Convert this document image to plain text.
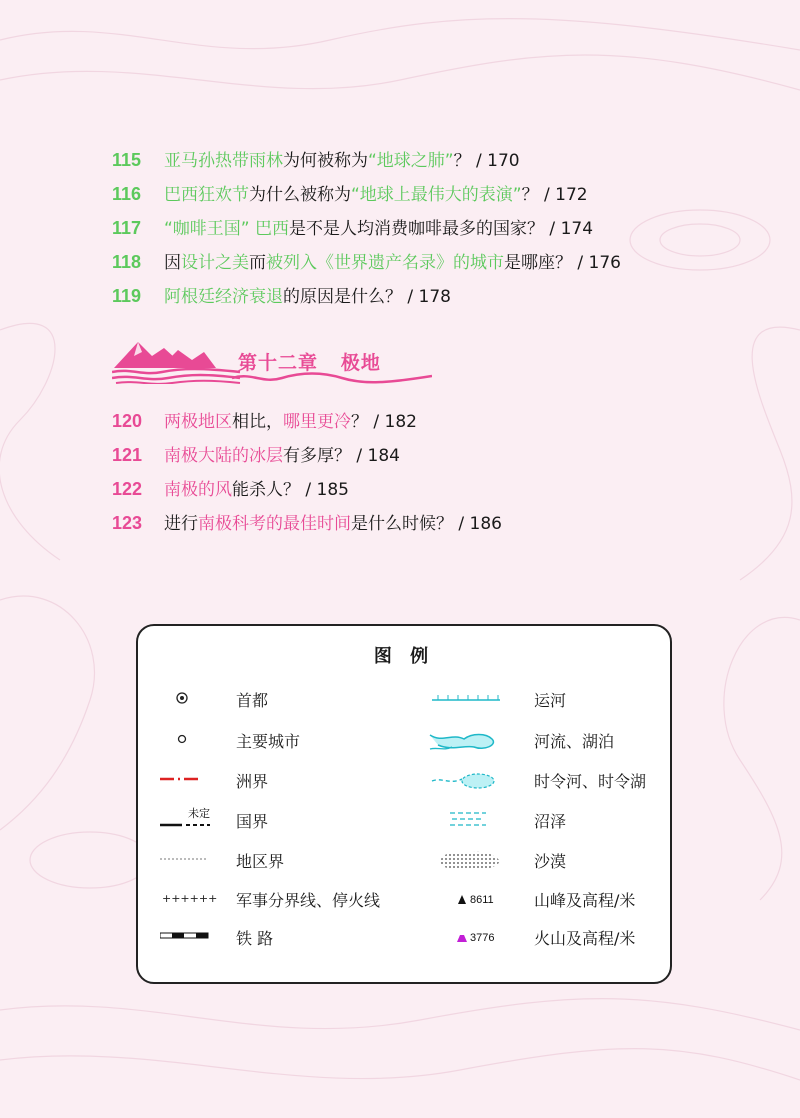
115 亚马孙热带雨林为何被称为“地球之肺”？ / 170
116 巴西狂欢节为什么被称为“地球上最伟大的表演”？ / 172
117 “咖啡王国” 巴西是不是人均消费咖啡最多的国家？ / 174
118 因设计之美而被列入《世界遗产名录》的城市是哪座？ / 176
119 阿根廷经济衰退的原因是什么？ / 178
第十二章   极地
120 两极地区相比，哪里更冷？ / 182
121 南极大陆的冰层有多厚？ / 184
122 南极的风能杀人？ / 185
123 进行南极科考的最佳时间是什么时候？ / 186
图 例
首都
主要城市
洲界
未定 国界
地区界
++++++ 军事分界线、停火线
铁 路
运河
河流、湖泊
时令河、时令湖
沼泽
沙漠
8611	山峰及高程/米
3776 火山及高程/米
